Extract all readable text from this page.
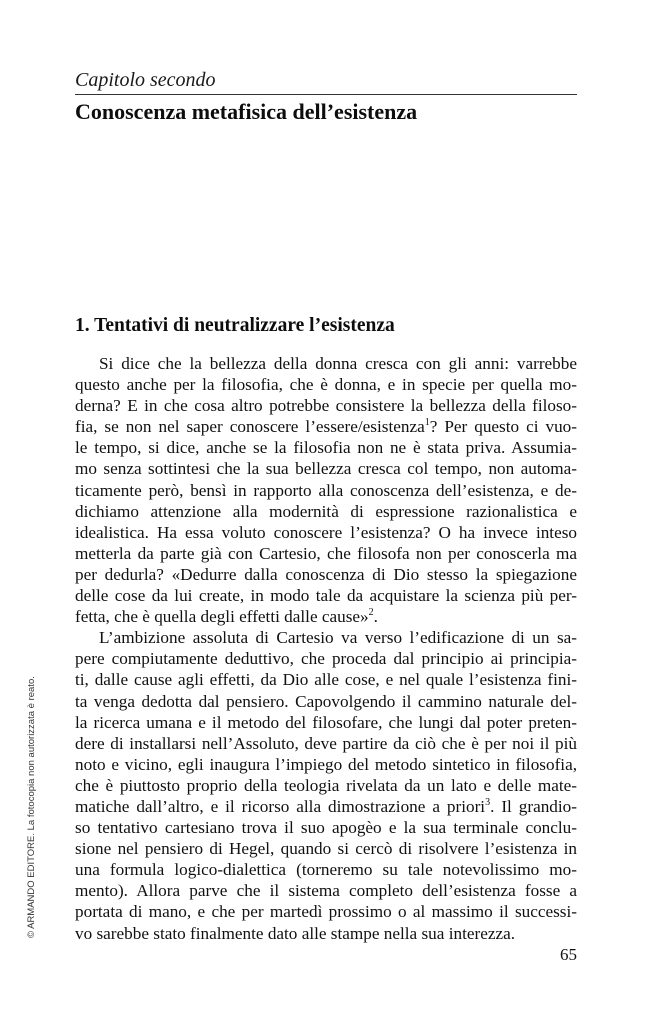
Capitolo secondo
Conoscenza metafisica dell’esistenza
1. Tentativi di neutralizzare l’esistenza
Si dice che la bellezza della donna cresca con gli anni: varrebbe
questo anche per la filosofia, che è donna, e in specie per quella mo-
derna? E in che cosa altro potrebbe consistere la bellezza della filoso-
fia, se non nel saper conoscere l’essere/esistenza$^1$? Per questo ci vuo-
le tempo, si dice, anche se la filosofia non ne è stata priva. Assumia-
mo senza sottintesi che la sua bellezza cresca col tempo, non automa-
ticamente però, bensì in rapporto alla conoscenza dell’esistenza, e de-
dichiamo attenzione alla modernità di espressione razionalistica e
idealistica. Ha essa voluto conoscere l’esistenza? O ha invece inteso
metterla da parte già con Cartesio, che filosofa non per conoscerla ma
per dedurla? «Dedurre dalla conoscenza di Dio stesso la spiegazione
delle cose da lui create, in modo tale da acquistare la scienza più per-
fetta, che è quella degli effetti dalle cause»$^2$.
L’ambizione assoluta di Cartesio va verso l’edificazione di un sa-
pere compiutamente deduttivo, che proceda dal principio ai principia-
ti, dalle cause agli effetti, da Dio alle cose, e nel quale l’esistenza fini-
ta venga dedotta dal pensiero. Capovolgendo il cammino naturale del-
la ricerca umana e il metodo del filosofare, che lungi dal poter preten-
dere di installarsi nell’Assoluto, deve partire da ciò che è per noi il più
noto e vicino, egli inaugura l’impiego del metodo sintetico in filosofia,
che è piuttosto proprio della teologia rivelata da un lato e delle mate-
matiche dall’altro, e il ricorso alla dimostrazione a priori$^3$. Il grandio-
so tentativo cartesiano trova il suo apogèo e la sua terminale conclu-
sione nel pensiero di Hegel, quando si cercò di risolvere l’esistenza in
una formula logico-dialettica (torneremo su tale notevolissimo mo-
mento). Allora parve che il sistema completo dell’esistenza fosse a
portata di mano, e che per martedì prossimo o al massimo il successi-
vo sarebbe stato finalmente dato alle stampe nella sua interezza.
65
© ARMANDO EDITORE. La fotocopia non autorizzata è reato.
